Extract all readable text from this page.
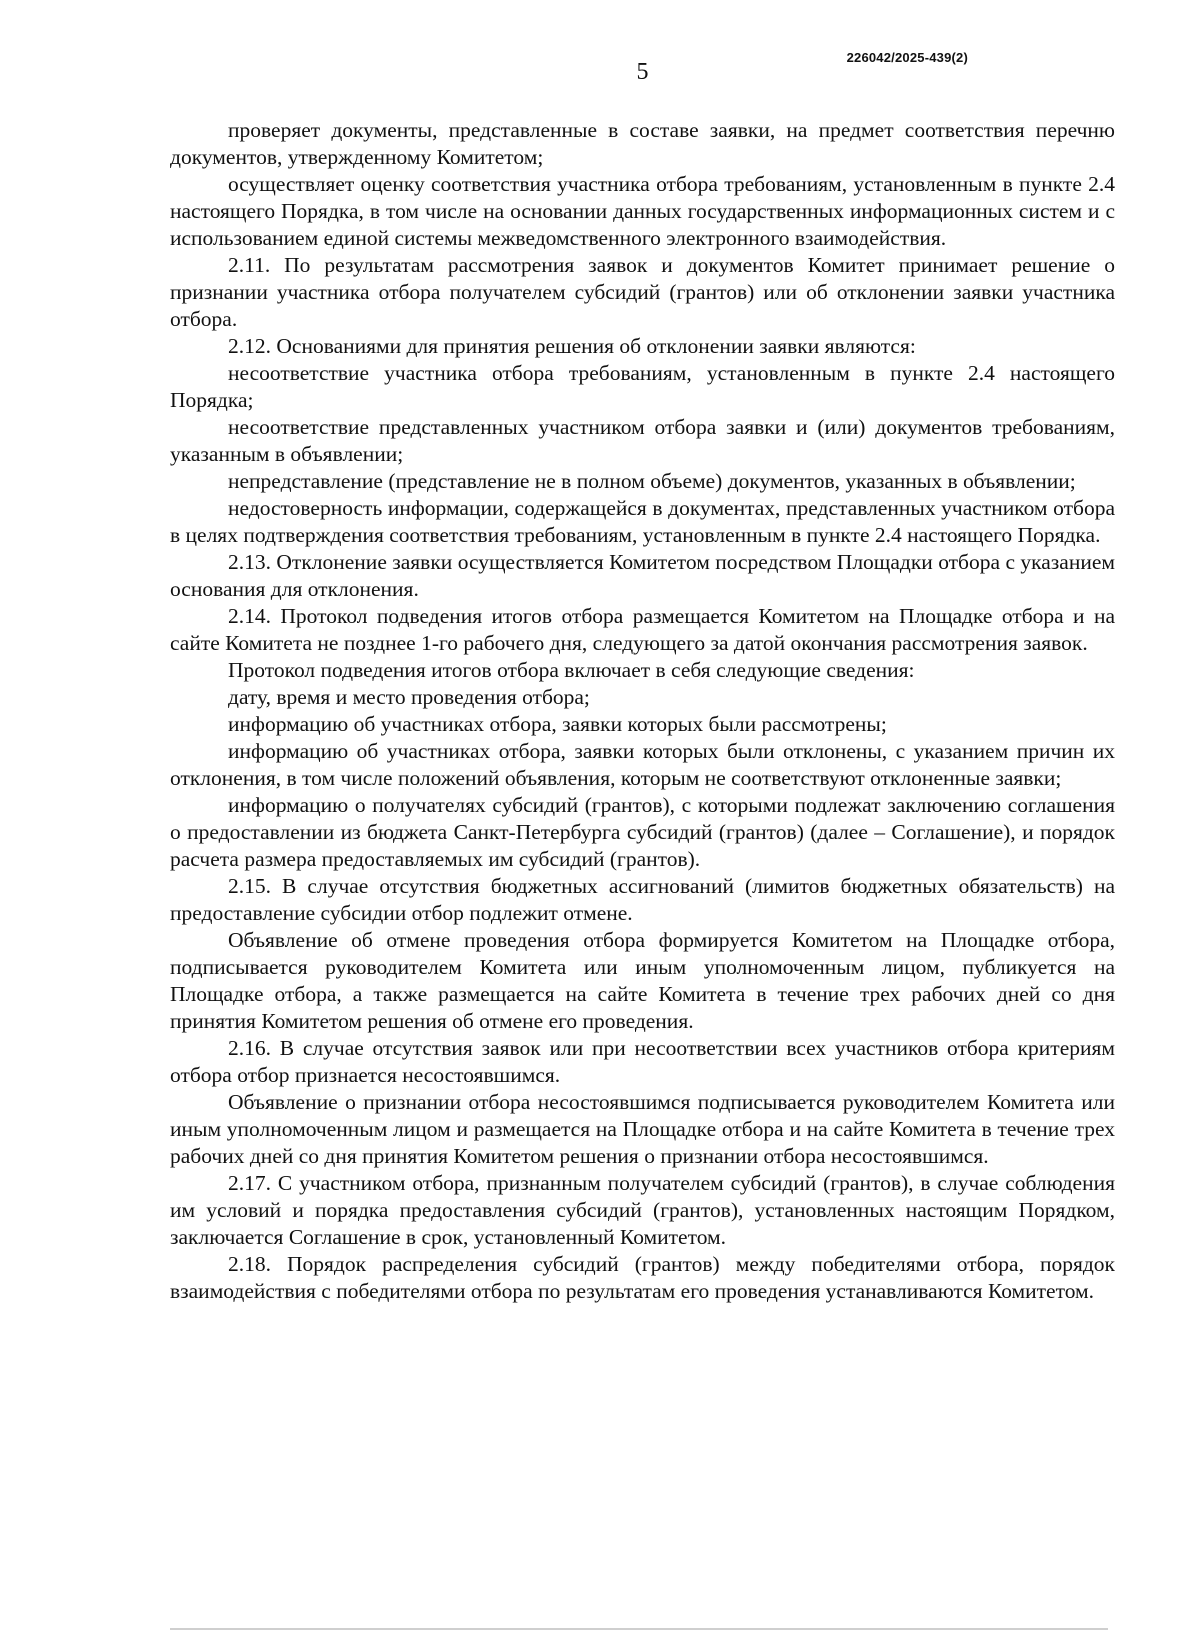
226042/2025-439(2)
5

проверяет документы, представленные в составе заявки, на предмет соответствия перечню документов, утвержденному Комитетом;

осуществляет оценку соответствия участника отбора требованиям, установленным в пункте 2.4 настоящего Порядка, в том числе на основании данных государственных информационных систем и с использованием единой системы межведомственного электронного взаимодействия.

2.11. По результатам рассмотрения заявок и документов Комитет принимает решение о признании участника отбора получателем субсидий (грантов) или об отклонении заявки участника отбора.

2.12. Основаниями для принятия решения об отклонении заявки являются:

несоответствие участника отбора требованиям, установленным в пункте 2.4 настоящего Порядка;

несоответствие представленных участником отбора заявки и (или) документов требованиям, указанным в объявлении;

непредставление (представление не в полном объеме) документов, указанных в объявлении;

недостоверность информации, содержащейся в документах, представленных участником отбора в целях подтверждения соответствия требованиям, установленным в пункте 2.4 настоящего Порядка.

2.13. Отклонение заявки осуществляется Комитетом посредством Площадки отбора с указанием основания для отклонения.

2.14. Протокол подведения итогов отбора размещается Комитетом на Площадке отбора и на сайте Комитета не позднее 1-го рабочего дня, следующего за датой окончания рассмотрения заявок.

Протокол подведения итогов отбора включает в себя следующие сведения:

дату, время и место проведения отбора;

информацию об участниках отбора, заявки которых были рассмотрены;

информацию об участниках отбора, заявки которых были отклонены, с указанием причин их отклонения, в том числе положений объявления, которым не соответствуют отклоненные заявки;

информацию о получателях субсидий (грантов), с которыми подлежат заключению соглашения о предоставлении из бюджета Санкт-Петербурга субсидий (грантов) (далее – Соглашение), и порядок расчета размера предоставляемых им субсидий (грантов).

2.15. В случае отсутствия бюджетных ассигнований (лимитов бюджетных обязательств) на предоставление субсидии отбор подлежит отмене.

Объявление об отмене проведения отбора формируется Комитетом на Площадке отбора, подписывается руководителем Комитета или иным уполномоченным лицом, публикуется на Площадке отбора, а также размещается на сайте Комитета в течение трех рабочих дней со дня принятия Комитетом решения об отмене его проведения.

2.16. В случае отсутствия заявок или при несоответствии всех участников отбора критериям отбора отбор признается несостоявшимся.

Объявление о признании отбора несостоявшимся подписывается руководителем Комитета или иным уполномоченным лицом и размещается на Площадке отбора и на сайте Комитета в течение трех рабочих дней со дня принятия Комитетом решения о признании отбора несостоявшимся.

2.17. С участником отбора, признанным получателем субсидий (грантов), в случае соблюдения им условий и порядка предоставления субсидий (грантов), установленных настоящим Порядком, заключается Соглашение в срок, установленный Комитетом.

2.18. Порядок распределения субсидий (грантов) между победителями отбора, порядок взаимодействия с победителями отбора по результатам его проведения устанавливаются Комитетом.
